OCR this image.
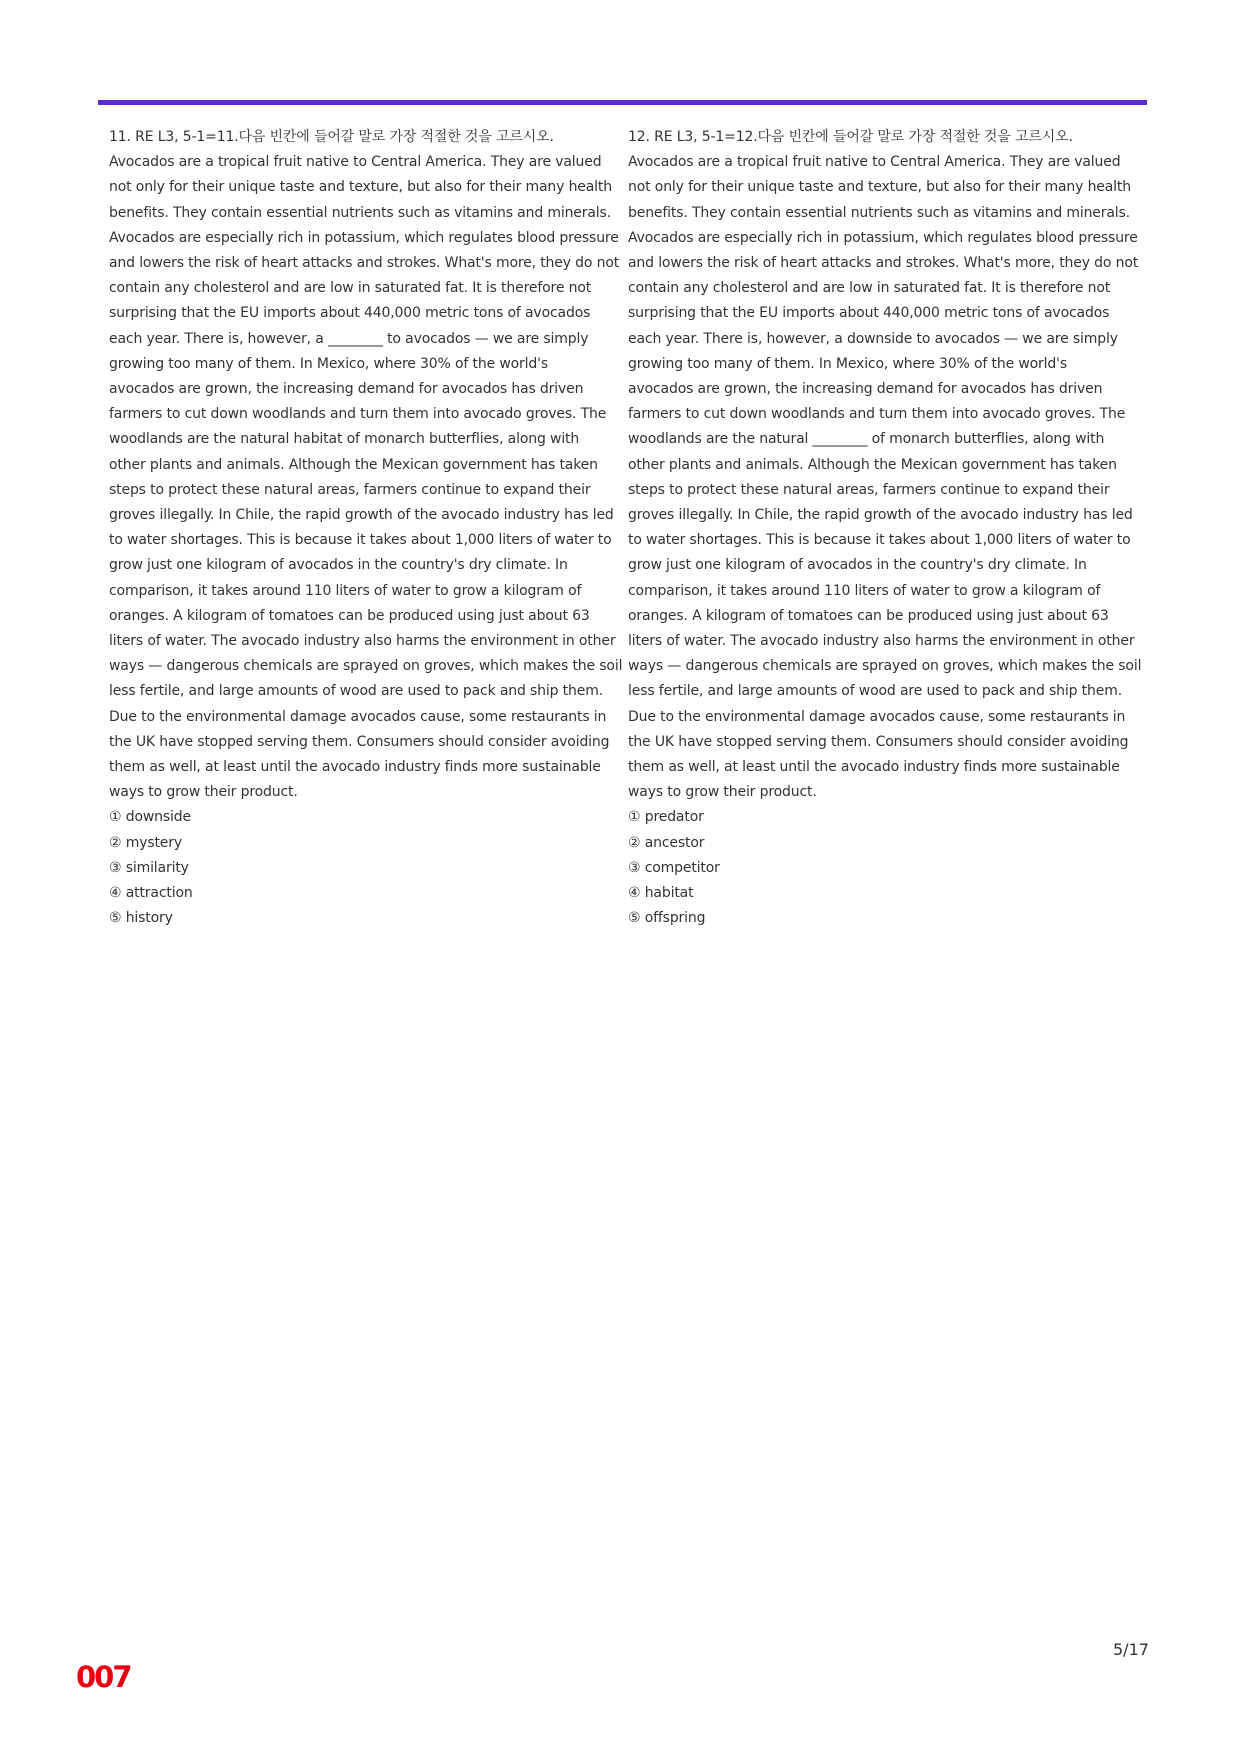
11. RE L3, 5-1=11.다음 빈칸에 들어갈 말로 가장 적절한 것을 고르시오.
Avocados are a tropical fruit native to Central America. They are valued
not only for their unique taste and texture, but also for their many health
benefits. They contain essential nutrients such as vitamins and minerals.
Avocados are especially rich in potassium, which regulates blood pressure
and lowers the risk of heart attacks and strokes. What's more, they do not
contain any cholesterol and are low in saturated fat. It is therefore not
surprising that the EU imports about 440,000 metric tons of avocados
each year. There is, however, a ________ to avocados — we are simply
growing too many of them. In Mexico, where 30% of the world's
avocados are grown, the increasing demand for avocados has driven
farmers to cut down woodlands and turn them into avocado groves. The
woodlands are the natural habitat of monarch butterflies, along with
other plants and animals. Although the Mexican government has taken
steps to protect these natural areas, farmers continue to expand their
groves illegally. In Chile, the rapid growth of the avocado industry has led
to water shortages. This is because it takes about 1,000 liters of water to
grow just one kilogram of avocados in the country's dry climate. In
comparison, it takes around 110 liters of water to grow a kilogram of
oranges. A kilogram of tomatoes can be produced using just about 63
liters of water. The avocado industry also harms the environment in other
ways — dangerous chemicals are sprayed on groves, which makes the soil
less fertile, and large amounts of wood are used to pack and ship them.
Due to the environmental damage avocados cause, some restaurants in
the UK have stopped serving them. Consumers should consider avoiding
them as well, at least until the avocado industry finds more sustainable
ways to grow their product.
① downside
② mystery
③ similarity
④ attraction
⑤ history
12. RE L3, 5-1=12.다음 빈칸에 들어갈 말로 가장 적절한 것을 고르시오.
Avocados are a tropical fruit native to Central America. They are valued
not only for their unique taste and texture, but also for their many health
benefits. They contain essential nutrients such as vitamins and minerals.
Avocados are especially rich in potassium, which regulates blood pressure
and lowers the risk of heart attacks and strokes. What's more, they do not
contain any cholesterol and are low in saturated fat. It is therefore not
surprising that the EU imports about 440,000 metric tons of avocados
each year. There is, however, a downside to avocados — we are simply
growing too many of them. In Mexico, where 30% of the world's
avocados are grown, the increasing demand for avocados has driven
farmers to cut down woodlands and turn them into avocado groves. The
woodlands are the natural ________ of monarch butterflies, along with
other plants and animals. Although the Mexican government has taken
steps to protect these natural areas, farmers continue to expand their
groves illegally. In Chile, the rapid growth of the avocado industry has led
to water shortages. This is because it takes about 1,000 liters of water to
grow just one kilogram of avocados in the country's dry climate. In
comparison, it takes around 110 liters of water to grow a kilogram of
oranges. A kilogram of tomatoes can be produced using just about 63
liters of water. The avocado industry also harms the environment in other
ways — dangerous chemicals are sprayed on groves, which makes the soil
less fertile, and large amounts of wood are used to pack and ship them.
Due to the environmental damage avocados cause, some restaurants in
the UK have stopped serving them. Consumers should consider avoiding
them as well, at least until the avocado industry finds more sustainable
ways to grow their product.
① predator
② ancestor
③ competitor
④ habitat
⑤ offspring
5/17
007
